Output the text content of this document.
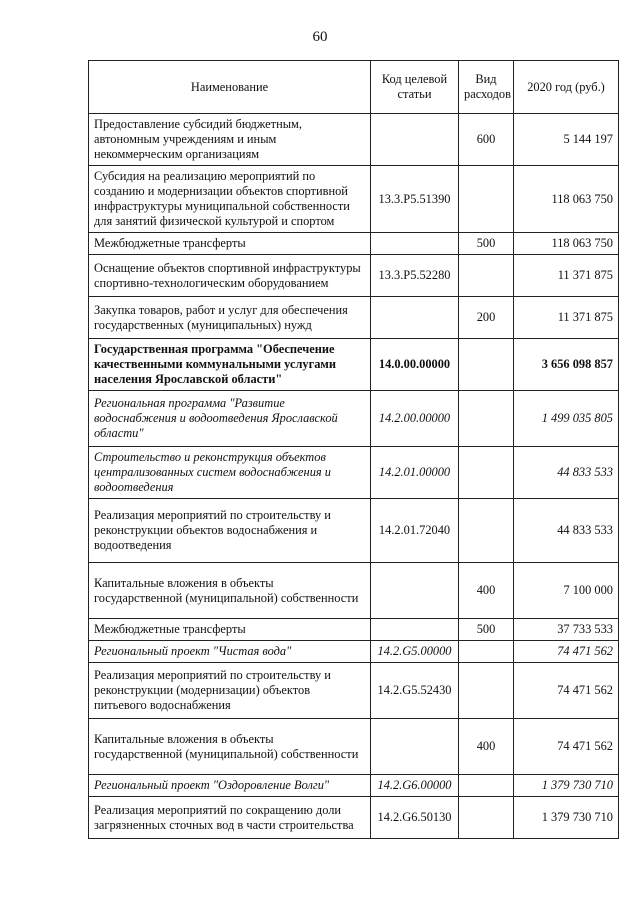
60
Наименование	Код целевой статьи	Вид расходов	2020 год (руб.)
Предоставление субсидий бюджетным, автономным учреждениям и иным некоммерческим организациям		600	5 144 197
Субсидия на реализацию мероприятий по созданию и модернизации объектов спортивной инфраструктуры муниципальной собственности для занятий физической культурой и спортом	13.3.Р5.51390		118 063 750
Межбюджетные трансферты		500	118 063 750
Оснащение объектов спортивной инфраструктуры спортивно-технологическим оборудованием	13.3.Р5.52280		11 371 875
Закупка товаров, работ и услуг для обеспечения государственных (муниципальных) нужд		200	11 371 875
Государственная программа "Обеспечение качественными коммунальными услугами населения Ярославской области"	14.0.00.00000		3 656 098 857
Региональная программа "Развитие водоснабжения и водоотведения Ярославской области"	14.2.00.00000		1 499 035 805
Строительство и реконструкция объектов централизованных систем водоснабжения и водоотведения	14.2.01.00000		44 833 533
Реализация мероприятий по строительству и реконструкции объектов водоснабжения и водоотведения	14.2.01.72040		44 833 533
Капитальные вложения в объекты государственной (муниципальной) собственности		400	7 100 000
Межбюджетные трансферты		500	37 733 533
Региональный проект "Чистая вода"	14.2.G5.00000		74 471 562
Реализация мероприятий по строительству и реконструкции (модернизации) объектов питьевого водоснабжения	14.2.G5.52430		74 471 562
Капитальные вложения в объекты государственной (муниципальной) собственности		400	74 471 562
Региональный проект "Оздоровление Волги"	14.2.G6.00000		1 379 730 710
Реализация мероприятий по сокращению доли загрязненных сточных вод в части строительства	14.2.G6.50130		1 379 730 710
